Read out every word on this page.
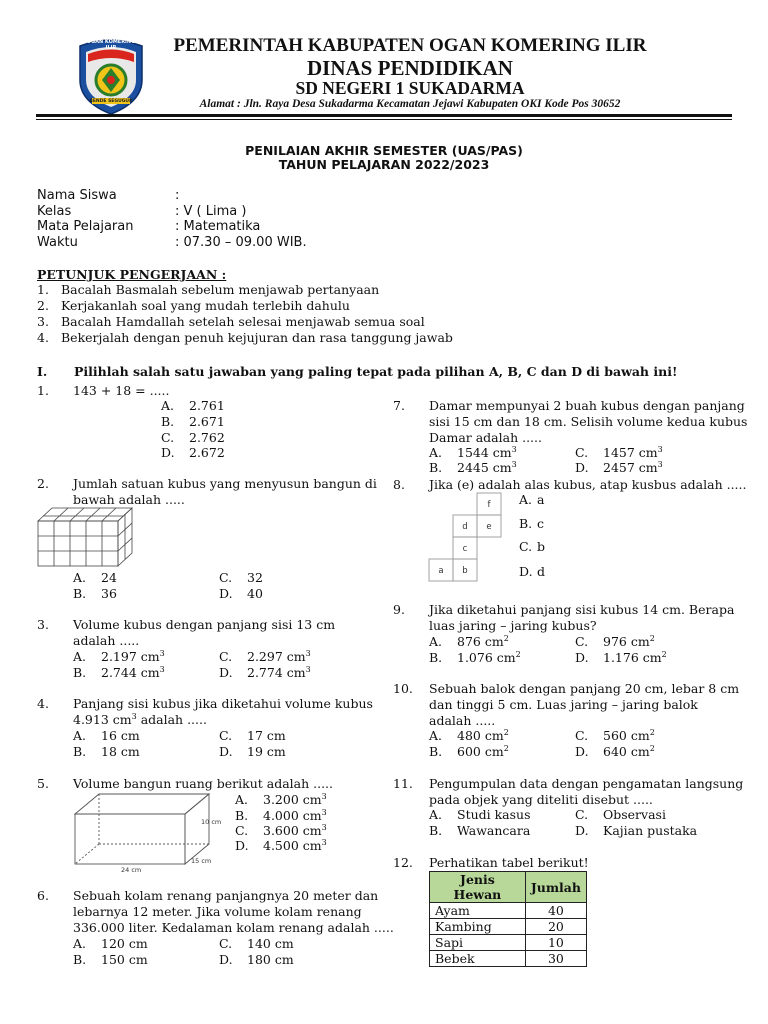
OGAN KOMERING ILIR
BENDE SEGUGUK
PEMERINTAH KABUPATEN OGAN KOMERING ILIR
DINAS PENDIDIKAN
SD NEGERI 1 SUKADARMA
Alamat : Jln. Raya Desa Sukadarma Kecamatan Jejawi Kabupaten OKI Kode Pos 30652
PENILAIAN AKHIR SEMESTER (UAS/PAS)
TAHUN PELAJARAN 2022/2023
Nama Siswa	:
Kelas	: V ( Lima )
Mata Pelajaran	: Matematika
Waktu	: 07.30 – 09.00 WIB.
PETUNJUK PENGERJAAN :
1. Bacalah Basmalah sebelum menjawab pertanyaan
2. Kerjakanlah soal yang mudah terlebih dahulu
3. Bacalah Hamdallah setelah selesai menjawab semua soal
4. Bekerjalah dengan penuh kejujuran dan rasa tanggung jawab
I. Pilihlah salah satu jawaban yang paling tepat pada pilihan A, B, C dan D di bawah ini!
1. 143 + 18 = .....
A. 2.761
B. 2.671
C. 2.762
D. 2.672
2. Jumlah satuan kubus yang menyusun bangun di
bawah adalah .....
A. 24
B. 36
C. 32
D. 40
3. Volume kubus dengan panjang sisi 13 cm
adalah .....
A. 2.197 $cm^3$
B. 2.744 $cm^3$
C. 2.297 $cm^3$
D. 2.774 $cm^3$
4. Panjang sisi kubus jika diketahui volume kubus
4.913 $cm^3$ adalah .....
A. 16 cm
B. 18 cm
C. 17 cm
D. 19 cm
5. Volume bangun ruang berikut adalah .....
10 cm
24 cm
15 cm
A. 3.200 $cm^3$
B. 4.000 $cm^3$
C. 3.600 $cm^3$
D. 4.500 $cm^3$
6. Sebuah kolam renang panjangnya 20 meter dan
lebarnya 12 meter. Jika volume kolam renang
336.000 liter. Kedalaman kolam renang adalah .....
A. 120 cm
B. 150 cm
C. 140 cm
D. 180 cm
7. Damar mempunyai 2 buah kubus dengan panjang
sisi 15 cm dan 18 cm. Selisih volume kedua kubus
Damar adalah .....
A. 1544 $cm^3$
B. 2445 $cm^3$
C. 1457 $cm^3$
D. 2457 $cm^3$
8. Jika (e) adalah alas kubus, atap kusbus adalah .....
f
d e
c
a b
A. a
B. c
C. b
D. d
9. Jika diketahui panjang sisi kubus 14 cm. Berapa
luas jaring – jaring kubus?
A. 876 $cm^2$
B. 1.076 $cm^2$
C. 976 $cm^2$
D. 1.176 $cm^2$
10. Sebuah balok dengan panjang 20 cm, lebar 8 cm
dan tinggi 5 cm. Luas jaring – jaring balok
adalah .....
A. 480 $cm^2$
B. 600 $cm^2$
C. 560 $cm^2$
D. 640 $cm^2$
11. Pengumpulan data dengan pengamatan langsung
pada objek yang diteliti disebut .....
A. Studi kasus
B. Wawancara
C. Observasi
D. Kajian pustaka
12. Perhatikan tabel berikut!
Jenis Hewan	Jumlah
Ayam	40
Kambing	20
Sapi	10
Bebek	30
